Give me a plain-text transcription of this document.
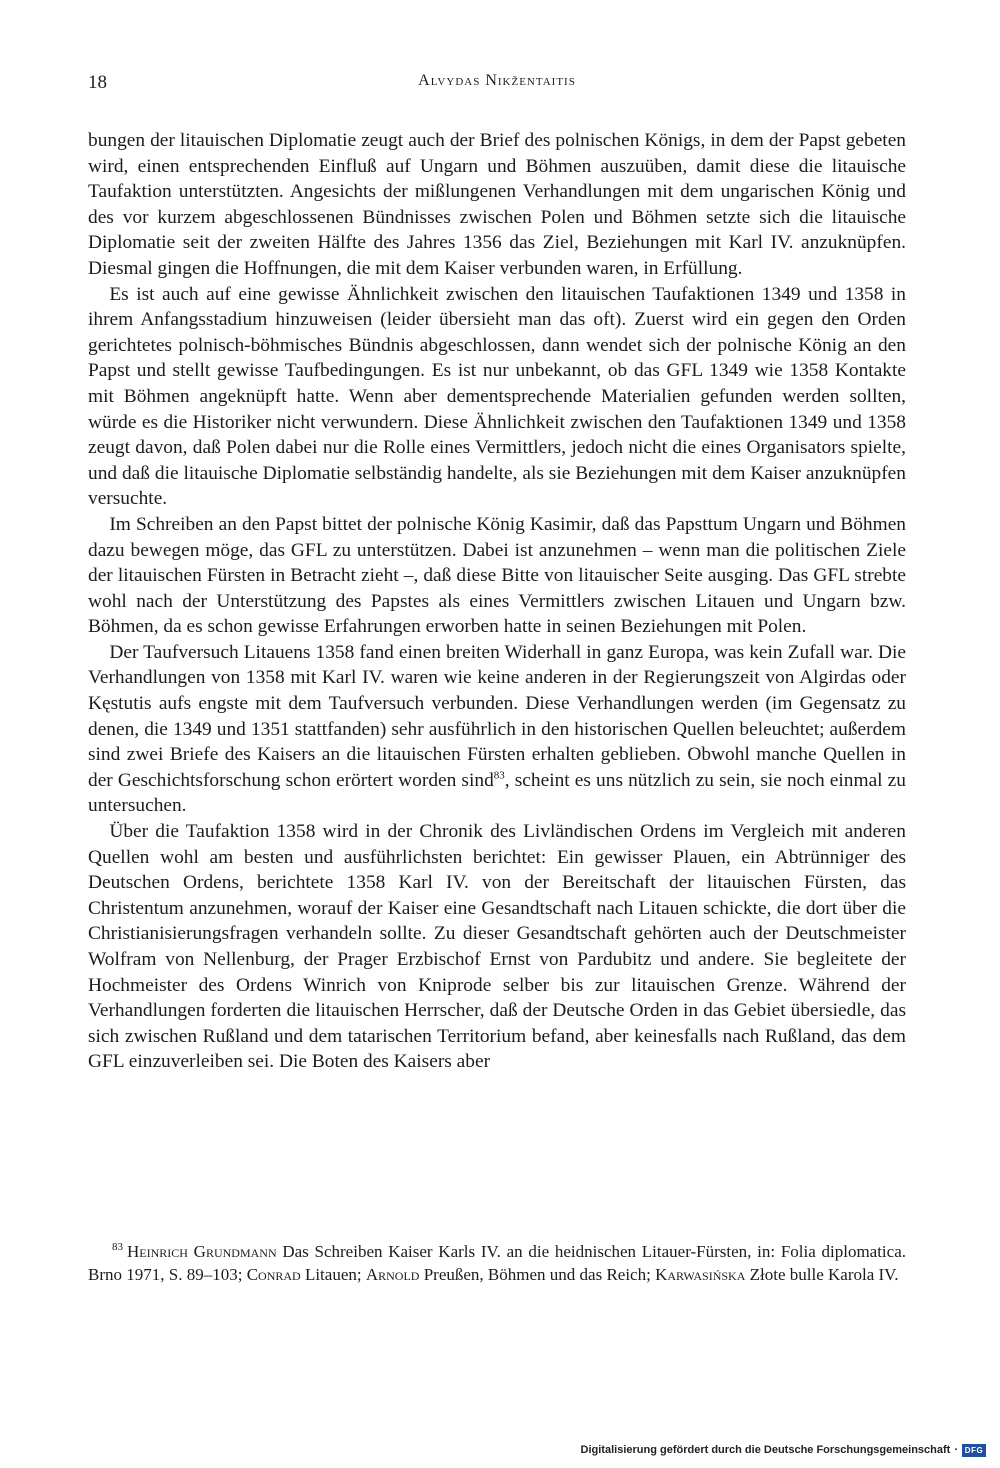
18	Alvydas Nikžentaitis

bungen der litauischen Diplomatie zeugt auch der Brief des polnischen Königs, in dem der Papst gebeten wird, einen entsprechenden Einfluß auf Ungarn und Böhmen auszuüben, damit diese die litauische Taufaktion unterstützten. Angesichts der mißlungenen Verhandlungen mit dem ungarischen König und des vor kurzem abgeschlossenen Bündnisses zwischen Polen und Böhmen setzte sich die litauische Diplomatie seit der zweiten Hälfte des Jahres 1356 das Ziel, Beziehungen mit Karl IV. anzuknüpfen. Diesmal gingen die Hoffnungen, die mit dem Kaiser verbunden waren, in Erfüllung.

Es ist auch auf eine gewisse Ähnlichkeit zwischen den litauischen Taufaktionen 1349 und 1358 in ihrem Anfangsstadium hinzuweisen (leider übersieht man das oft). Zuerst wird ein gegen den Orden gerichtetes polnisch-böhmisches Bündnis abgeschlossen, dann wendet sich der polnische König an den Papst und stellt gewisse Taufbedingungen. Es ist nur unbekannt, ob das GFL 1349 wie 1358 Kontakte mit Böhmen angeknüpft hatte. Wenn aber dementsprechende Materialien gefunden werden sollten, würde es die Historiker nicht verwundern. Diese Ähnlichkeit zwischen den Taufaktionen 1349 und 1358 zeugt davon, daß Polen dabei nur die Rolle eines Vermittlers, jedoch nicht die eines Organisators spielte, und daß die litauische Diplomatie selbständig handelte, als sie Beziehungen mit dem Kaiser anzuknüpfen versuchte.

Im Schreiben an den Papst bittet der polnische König Kasimir, daß das Papsttum Ungarn und Böhmen dazu bewegen möge, das GFL zu unterstützen. Dabei ist anzunehmen – wenn man die politischen Ziele der litauischen Fürsten in Betracht zieht –, daß diese Bitte von litauischer Seite ausging. Das GFL strebte wohl nach der Unterstützung des Papstes als eines Vermittlers zwischen Litauen und Ungarn bzw. Böhmen, da es schon gewisse Erfahrungen erworben hatte in seinen Beziehungen mit Polen.

Der Taufversuch Litauens 1358 fand einen breiten Widerhall in ganz Europa, was kein Zufall war. Die Verhandlungen von 1358 mit Karl IV. waren wie keine anderen in der Regierungszeit von Algirdas oder Kęstutis aufs engste mit dem Taufversuch verbunden. Diese Verhandlungen werden (im Gegensatz zu denen, die 1349 und 1351 stattfanden) sehr ausführlich in den historischen Quellen beleuchtet; außerdem sind zwei Briefe des Kaisers an die litauischen Fürsten erhalten geblieben. Obwohl manche Quellen in der Geschichtsforschung schon erörtert worden sind$^{83}$, scheint es uns nützlich zu sein, sie noch einmal zu untersuchen.

Über die Taufaktion 1358 wird in der Chronik des Livländischen Ordens im Vergleich mit anderen Quellen wohl am besten und ausführlichsten berichtet: Ein gewisser Plauen, ein Abtrünniger des Deutschen Ordens, berichtete 1358 Karl IV. von der Bereitschaft der litauischen Fürsten, das Christentum anzunehmen, worauf der Kaiser eine Gesandtschaft nach Litauen schickte, die dort über die Christianisierungsfragen verhandeln sollte. Zu dieser Gesandtschaft gehörten auch der Deutschmeister Wolfram von Nellenburg, der Prager Erzbischof Ernst von Pardubitz und andere. Sie begleitete der Hochmeister des Ordens Winrich von Kniprode selber bis zur litauischen Grenze. Während der Verhandlungen forderten die litauischen Herrscher, daß der Deutsche Orden in das Gebiet übersiedle, das sich zwischen Rußland und dem tatarischen Territorium befand, aber keinesfalls nach Rußland, das dem GFL einzuverleiben sei. Die Boten des Kaisers aber

$^{83}$ Heinrich Grundmann Das Schreiben Kaiser Karls IV. an die heidnischen Litauer-Fürsten, in: Folia diplomatica. Brno 1971, S. 89–103; Conrad Litauen; Arnold Preußen, Böhmen und das Reich; Karwasińska Złote bulle Karola IV.
Digitalisierung gefördert durch die Deutsche Forschungsgemeinschaft · DFG
